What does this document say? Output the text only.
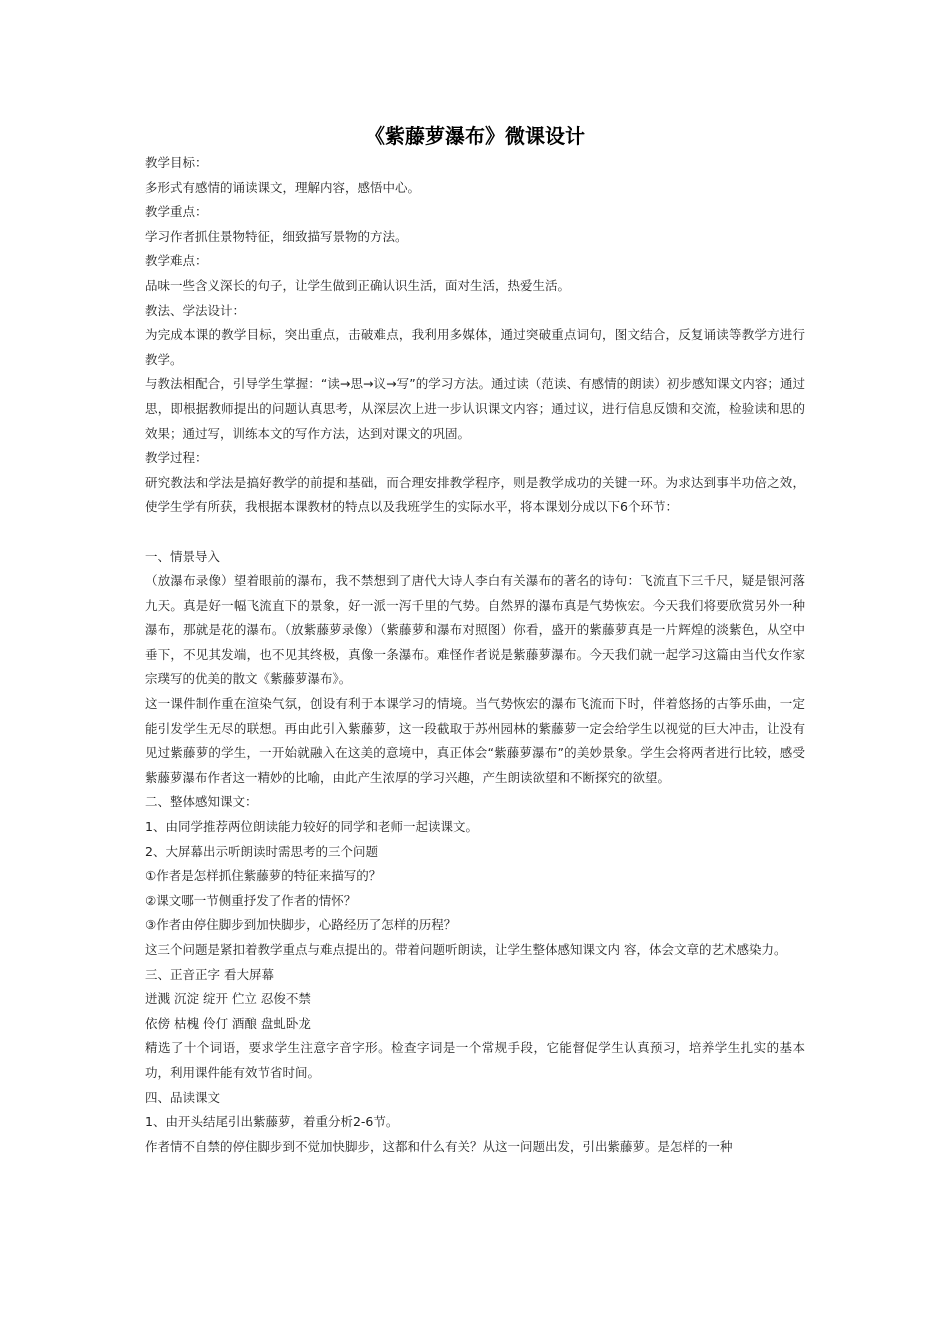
《紫藤萝瀑布》微课设计

教学目标：

多形式有感情的诵读课文，理解内容，感悟中心。

教学重点：

学习作者抓住景物特征，细致描写景物的方法。

教学难点：

品味一些含义深长的句子，让学生做到正确认识生活，面对生活，热爱生活。

教法、学法设计：

为完成本课的教学目标，突出重点，击破难点，我利用多媒体，通过突破重点词句，图文结合，反复诵读等教学方进行教学。

与教法相配合，引导学生掌握：“读→思→议→写”的学习方法。通过读（范读、有感情的朗读）初步感知课文内容；通过思，即根据教师提出的问题认真思考，从深层次上进一步认识课文内容；通过议，进行信息反馈和交流，检验读和思的效果；通过写，训练本文的写作方法，达到对课文的巩固。

教学过程：

研究教法和学法是搞好教学的前提和基础，而合理安排教学程序，则是教学成功的关键一环。为求达到事半功倍之效，使学生学有所获，我根据本课教材的特点以及我班学生的实际水平，将本课划分成以下6个环节：

一、情景导入

（放瀑布录像）望着眼前的瀑布，我不禁想到了唐代大诗人李白有关瀑布的著名的诗句：飞流直下三千尺，疑是银河落九天。真是好一幅飞流直下的景象，好一派一泻千里的气势。自然界的瀑布真是气势恢宏。今天我们将要欣赏另外一种瀑布，那就是花的瀑布。（放紫藤萝录像）（紫藤萝和瀑布对照图）你看，盛开的紫藤萝真是一片辉煌的淡紫色，从空中垂下，不见其发端，也不见其终极，真像一条瀑布。难怪作者说是紫藤萝瀑布。今天我们就一起学习这篇由当代女作家宗璞写的优美的散文《紫藤萝瀑布》。

这一课件制作重在渲染气氛，创设有利于本课学习的情境。当气势恢宏的瀑布飞流而下时，伴着悠扬的古筝乐曲，一定能引发学生无尽的联想。再由此引入紫藤萝，这一段截取于苏州园林的紫藤萝一定会给学生以视觉的巨大冲击，让没有见过紫藤萝的学生，一开始就融入在这美的意境中，真正体会“紫藤萝瀑布”的美妙景象。学生会将两者进行比较，感受紫藤萝瀑布作者这一精妙的比喻，由此产生浓厚的学习兴趣，产生朗读欲望和不断探究的欲望。

二、整体感知课文：

1、由同学推荐两位朗读能力较好的同学和老师一起读课文。

2、大屏幕出示听朗读时需思考的三个问题

①作者是怎样抓住紫藤萝的特征来描写的？

②课文哪一节侧重抒发了作者的情怀？

③作者由停住脚步到加快脚步，心路经历了怎样的历程？

这三个问题是紧扣着教学重点与难点提出的。带着问题听朗读，让学生整体感知课文内 容，体会文章的艺术感染力。

三、正音正字 看大屏幕

迸溅 沉淀 绽开 伫立 忍俊不禁

依傍 枯槐 伶仃 酒酿 盘虬卧龙

精选了十个词语，要求学生注意字音字形。检查字词是一个常规手段，它能督促学生认真预习，培养学生扎实的基本功，利用课件能有效节省时间。

四、品读课文

1、由开头结尾引出紫藤萝，着重分析2-6节。

作者情不自禁的停住脚步到不觉加快脚步，这都和什么有关？从这一问题出发，引出紫藤萝。是怎样的一种
